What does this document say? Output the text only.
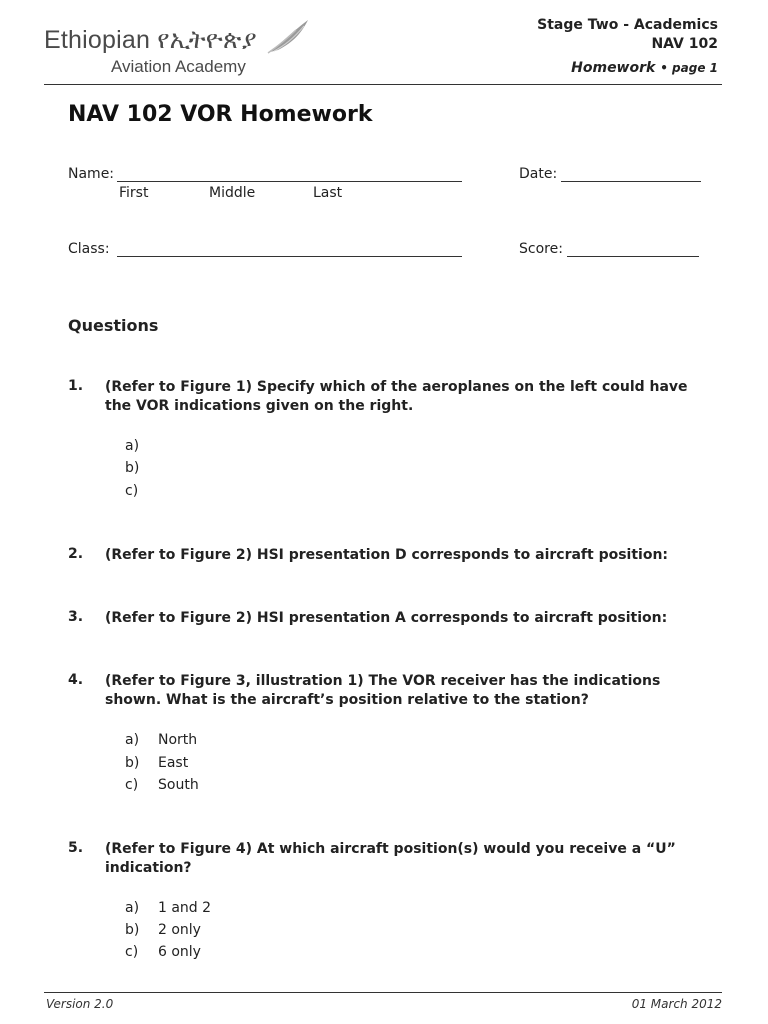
Ethiopian የኢትዮጵያ
Aviation Academy
Stage Two - Academics
NAV 102
Homework • page 1
NAV 102 VOR Homework
Name:
First	Middle	Last
Date:
Class:	Score:
Questions
1. (Refer to Figure 1) Specify which of the aeroplanes on the left could have the VOR indications given on the right.
a)
b)
c)
2. (Refer to Figure 2) HSI presentation D corresponds to aircraft position:
3. (Refer to Figure 2) HSI presentation A corresponds to aircraft position:
4. (Refer to Figure 3, illustration 1) The VOR receiver has the indications shown. What is the aircraft’s position relative to the station?
a) North
b) East
c) South
5. (Refer to Figure 4) At which aircraft position(s) would you receive a “U” indication?
a) 1 and 2
b) 2 only
c) 6 only
Version 2.0	01 March 2012
